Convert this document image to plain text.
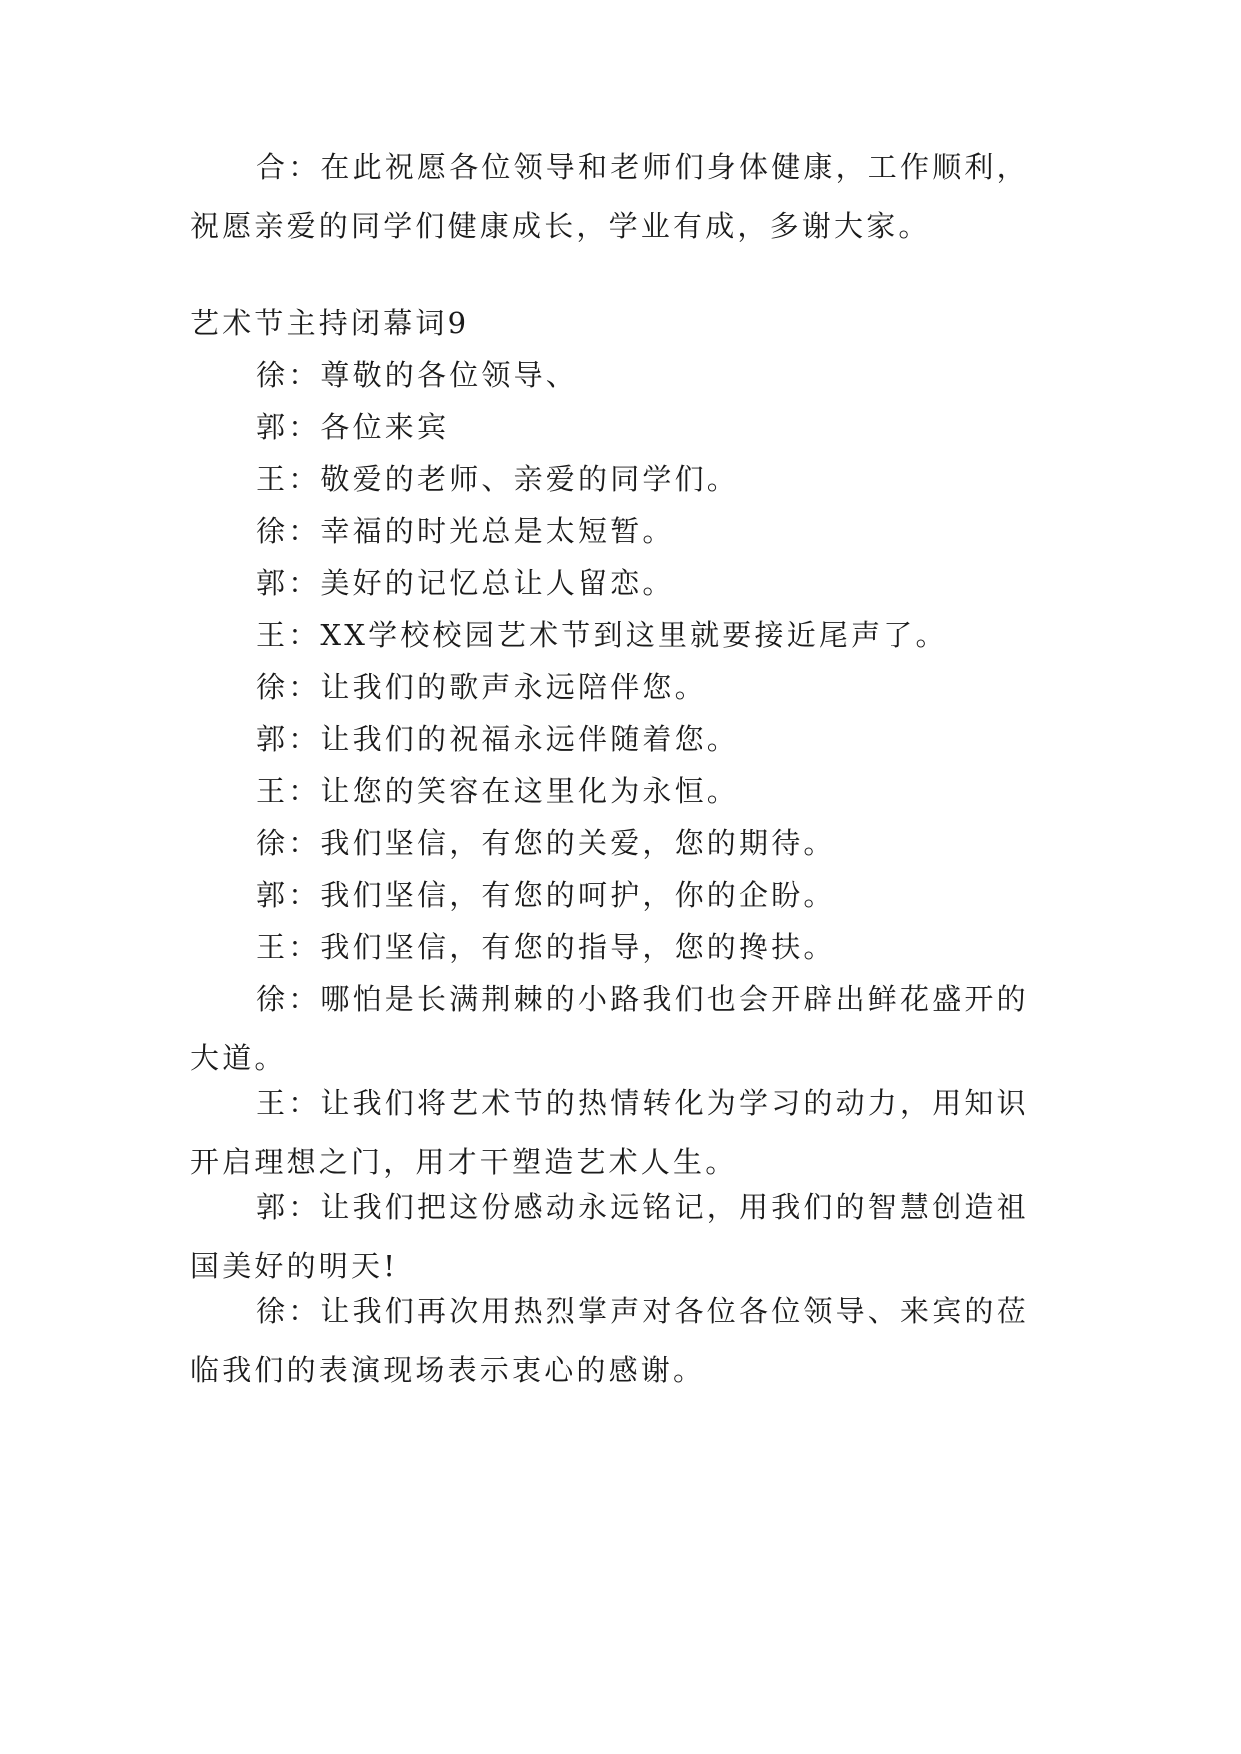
合：在此祝愿各位领导和老师们身体健康，工作顺利，祝愿亲爱的同学们健康成长，学业有成，多谢大家。

艺术节主持闭幕词9

徐：尊敬的各位领导、

郭：各位来宾

王：敬爱的老师、亲爱的同学们。

徐：幸福的时光总是太短暂。

郭：美好的记忆总让人留恋。

王：XX学校校园艺术节到这里就要接近尾声了。

徐：让我们的歌声永远陪伴您。

郭：让我们的祝福永远伴随着您。

王：让您的笑容在这里化为永恒。

徐：我们坚信，有您的关爱，您的期待。

郭：我们坚信，有您的呵护，你的企盼。

王：我们坚信，有您的指导，您的搀扶。

徐：哪怕是长满荆棘的小路我们也会开辟出鲜花盛开的大道。

王：让我们将艺术节的热情转化为学习的动力，用知识开启理想之门，用才干塑造艺术人生。

郭：让我们把这份感动永远铭记，用我们的智慧创造祖国美好的明天!

徐：让我们再次用热烈掌声对各位各位领导、来宾的莅临我们的表演现场表示衷心的感谢。
